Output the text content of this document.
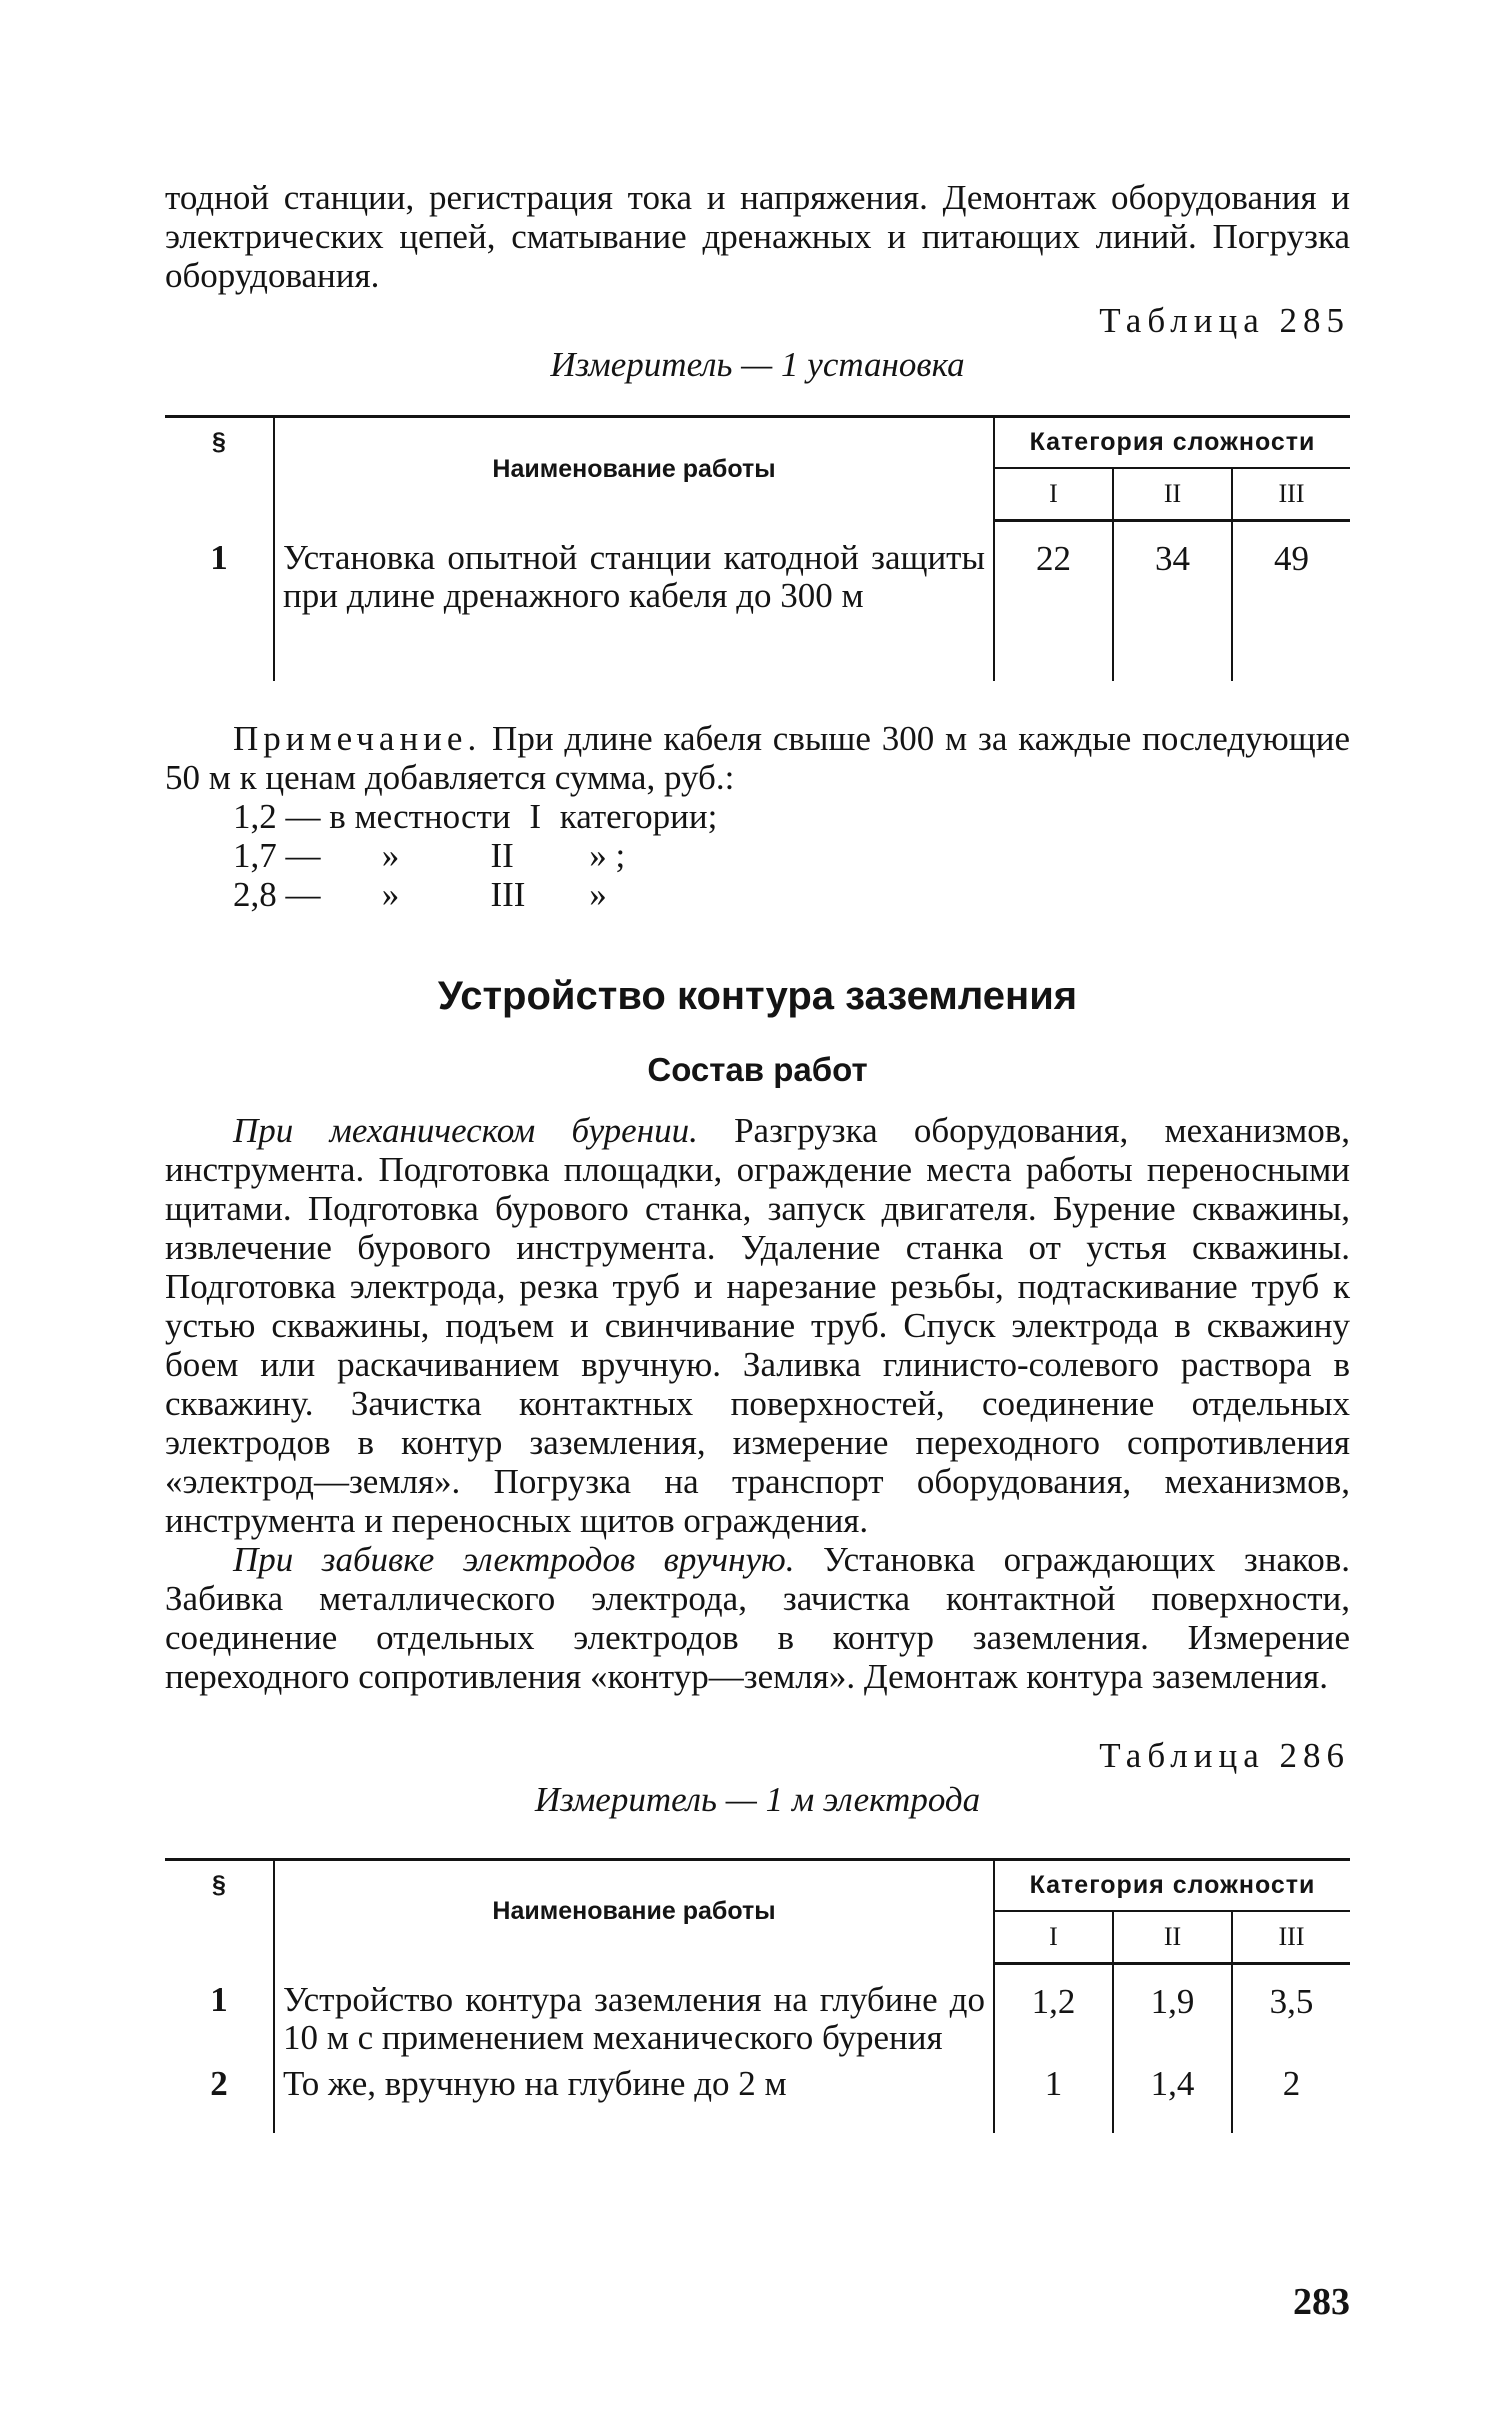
тодной станции, регистрация тока и напряжения. Демонтаж оборудования и электрических цепей, сматывание дренажных и питающих линий. Погрузка оборудования.

Таблица 285
Измеритель — 1 установка
§	Наименование работы	Категория сложности		
		I	II	III
1	Установка опытной станции катодной защиты при длине дренажного кабеля до 300 м	22	34	49

Примечание. При длине кабеля свыше 300 м за каждые последующие 50 м к ценам добавляется сумма, руб.:

1,2 — в местности I категории;
1,7 — »	II » ;
2,8 — »	III »
Устройство контура заземления
Состав работ

При механическом бурении. Разгрузка оборудования, механизмов, инструмента. Подготовка площадки, ограждение места работы переносными щитами. Подготовка бурового станка, запуск двигателя. Бурение скважины, извлечение бурового инструмента. Удаление станка от устья скважины. Подготовка электрода, резка труб и нарезание резьбы, подтаскивание труб к устью скважины, подъем и свинчивание труб. Спуск электрода в скважину боем или раскачиванием вручную. Заливка глинисто-солевого раствора в скважину. Зачистка контактных поверхностей, соединение отдельных электродов в контур заземления, измерение переходного сопротивления «электрод—земля». Погрузка на транспорт оборудования, механизмов, инструмента и переносных щитов ограждения.

При забивке электродов вручную. Установка ограждающих знаков. Забивка металлического электрода, зачистка контактной поверхности, соединение отдельных электродов в контур заземления. Измерение переходного сопротивления «контур—земля». Демонтаж контура заземления.

Таблица 286
Измеритель — 1 м электрода
§	Наименование работы	Категория сложности		
		I	II	III
1	Устройство контура заземления на глубине до 10 м с применением механического бурения	1,2	1,9	3,5
2	То же, вручную на глубине до 2 м	1	1,4	2
283
